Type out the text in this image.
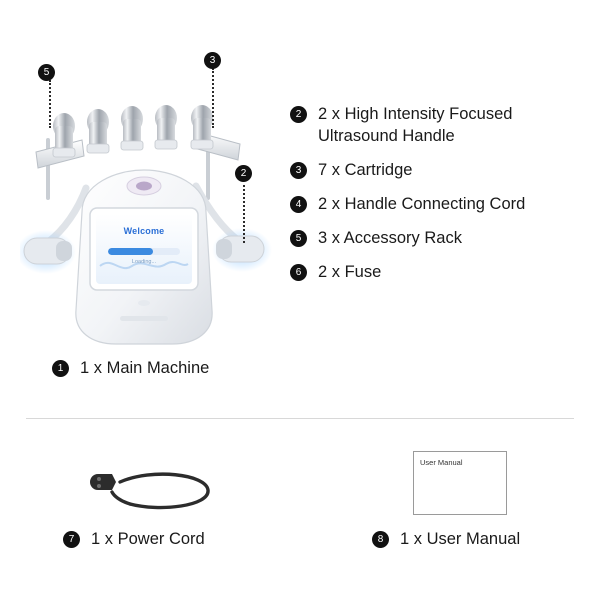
Welcome
Loading...
5
3
2
2	2 x High Intensity Focused Ultrasound Handle
3	7 x Cartridge
4	2 x Handle Connecting Cord
5	3 x Accessory Rack
6	2 x Fuse
1	1 x Main Machine
7	1 x Power Cord
User Manual
8	1 x User Manual
